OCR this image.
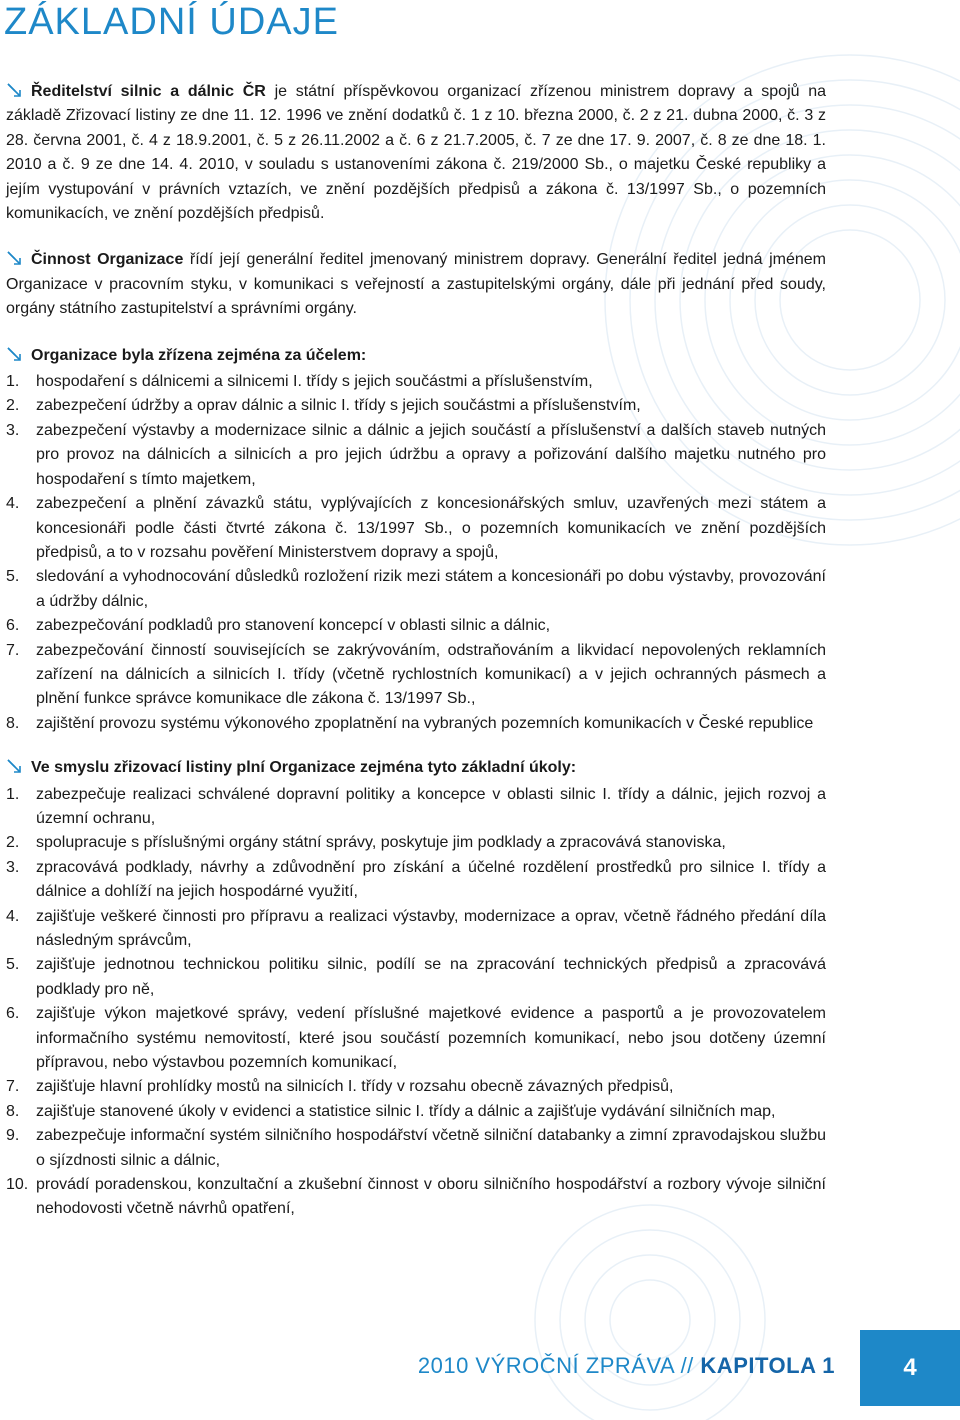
ZÁKLADNÍ ÚDAJE

Ředitelství silnic a dálnic ČR je státní příspěvkovou organizací zřízenou ministrem dopravy a spojů na základě Zřizovací listiny ze dne 11. 12. 1996 ve znění dodatků č. 1 z 10. března 2000, č. 2 z 21. dubna 2000, č. 3 z 28. června 2001, č. 4 z 18.9.2001, č. 5 z 26.11.2002 a č. 6 z 21.7.2005, č. 7 ze dne 17. 9. 2007, č. 8 ze dne 18. 1. 2010 a č. 9 ze dne 14. 4. 2010, v souladu s ustanoveními zákona č. 219/2000 Sb., o majetku České republiky a jejím vystupování v právních vztazích, ve znění pozdějších předpisů a zákona č. 13/1997 Sb., o pozemních komunikacích, ve znění pozdějších předpisů.

Činnost Organizace řídí její generální ředitel jmenovaný ministrem dopravy. Generální ředitel jedná jménem Organizace v pracovním styku, v komunikaci s veřejností a zastupitelskými orgány, dále při jednání před soudy, orgány státního zastupitelství a správními orgány.

Organizace byla zřízena zejména za účelem:

1. hospodaření s dálnicemi a silnicemi I. třídy s jejich součástmi a příslušenstvím,
2. zabezpečení údržby a oprav dálnic a silnic I. třídy s jejich součástmi a příslušenstvím,
3. zabezpečení výstavby a modernizace silnic a dálnic a jejich součástí a příslušenství a dalších staveb nutných pro provoz na dálnicích a silnicích a pro jejich údržbu a opravy a pořizování dalšího majetku nutného pro hospodaření s tímto majetkem,
4. zabezpečení a plnění závazků státu, vyplývajících z koncesionářských smluv, uzavřených mezi státem a koncesionáři podle části čtvrté zákona č. 13/1997 Sb., o pozemních komunikacích ve znění pozdějších předpisů, a to v rozsahu pověření Ministerstvem dopravy a spojů,
5. sledování a vyhodnocování důsledků rozložení rizik mezi státem a koncesionáři po dobu výstavby, provozování a údržby dálnic,
6. zabezpečování podkladů pro stanovení koncepcí v oblasti silnic a dálnic,
7. zabezpečování činností souvisejících se zakrývováním, odstraňováním a likvidací nepovolených reklamních zařízení na dálnicích a silnicích I. třídy (včetně rychlostních komunikací) a v jejich ochranných pásmech a plnění funkce správce komunikace dle zákona č. 13/1997 Sb.,
8. zajištění provozu systému výkonového zpoplatnění na vybraných pozemních komunikacích v České republice

Ve smyslu zřizovací listiny plní Organizace zejména tyto základní úkoly:

1. zabezpečuje realizaci schválené dopravní politiky a koncepce v oblasti silnic I. třídy a dálnic, jejich rozvoj a územní ochranu,
2. spolupracuje s příslušnými orgány státní správy, poskytuje jim podklady a zpracovává stanoviska,
3. zpracovává podklady, návrhy a zdůvodnění pro získání a účelné rozdělení prostředků pro silnice I. třídy a dálnice a dohlíží na jejich hospodárné využití,
4. zajišťuje veškeré činnosti pro přípravu a realizaci výstavby, modernizace a oprav, včetně řádného předání díla následným správcům,
5. zajišťuje jednotnou technickou politiku silnic, podílí se na zpracování technických předpisů a zpracovává podklady pro ně,
6. zajišťuje výkon majetkové správy, vedení příslušné majetkové evidence a pasportů a je provozovatelem informačního systému nemovitostí, které jsou součástí pozemních komunikací, nebo jsou dotčeny územní přípravou, nebo výstavbou pozemních komunikací,
7. zajišťuje hlavní prohlídky mostů na silnicích I. třídy v rozsahu obecně závazných předpisů,
8. zajišťuje stanovené úkoly v evidenci a statistice silnic I. třídy a dálnic a zajišťuje vydávání silničních map,
9. zabezpečuje informační systém silničního hospodářství včetně silniční databanky a zimní zpravodajskou službu o sjízdnosti silnic a dálnic,
10. provádí poradenskou, konzultační a zkušební činnost v oboru silničního hospodářství a rozbory vývoje silniční nehodovosti včetně návrhů opatření,
2010 VÝROČNÍ ZPRÁVA // KAPITOLA 1	4
